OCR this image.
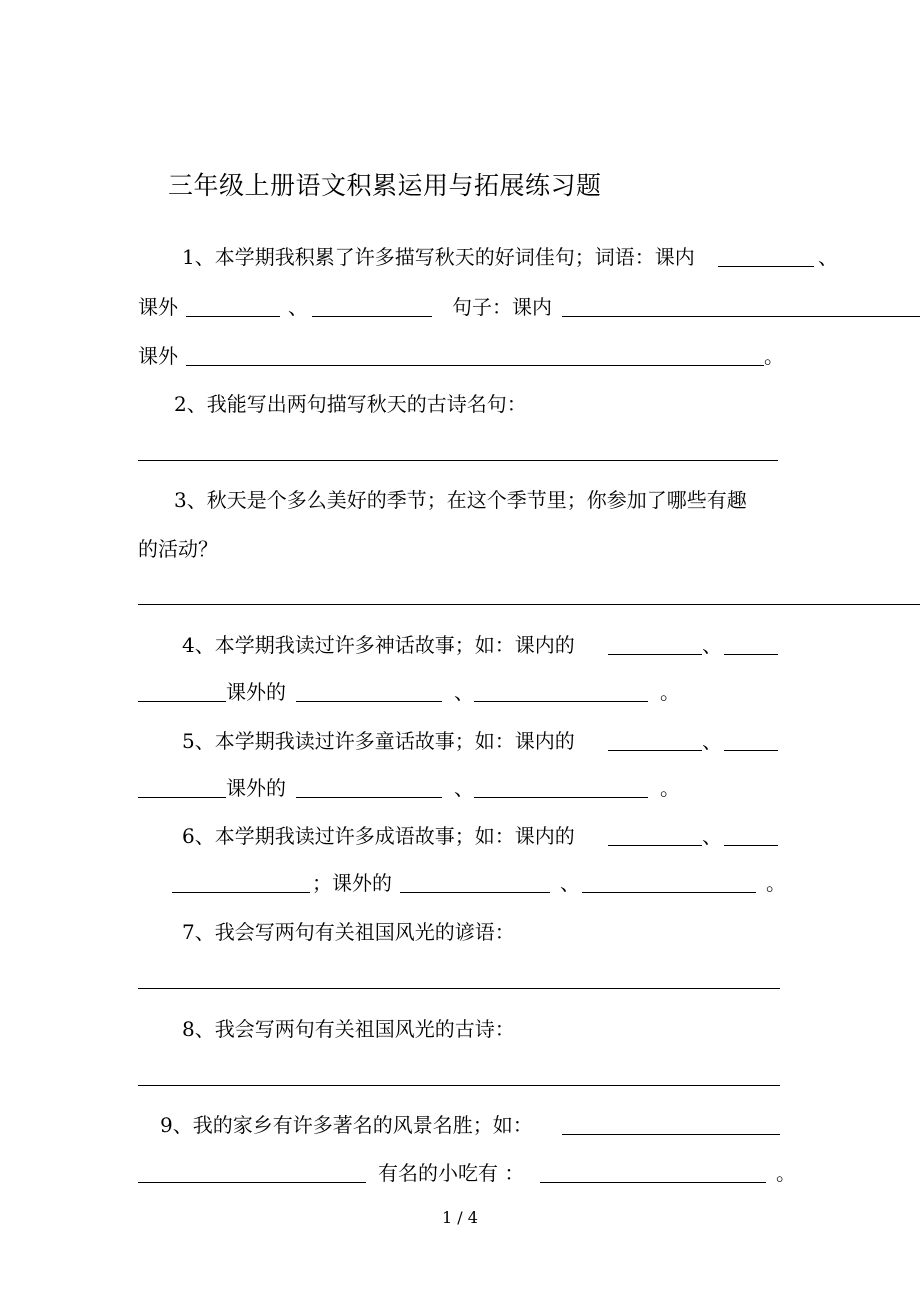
三年级上册语文积累运用与拓展练习题
1、本学期我积累了许多描写秋天的好词佳句；词语：课内	、
课外	、	句子：课内
课外	。
2、我能写出两句描写秋天的古诗名句：
3、秋天是个多么美好的季节；在这个季节里；你参加了哪些有趣
的活动？
4、本学期我读过许多神话故事；如：课内的	、
课外的	、	。
5、本学期我读过许多童话故事；如：课内的	、
课外的	、	。
6、本学期我读过许多成语故事；如：课内的	、
；课外的	、	。
7、我会写两句有关祖国风光的谚语：
8、我会写两句有关祖国风光的古诗：
9、我的家乡有许多著名的风景名胜；如：
有名的小吃有 ：	。
1 / 4
